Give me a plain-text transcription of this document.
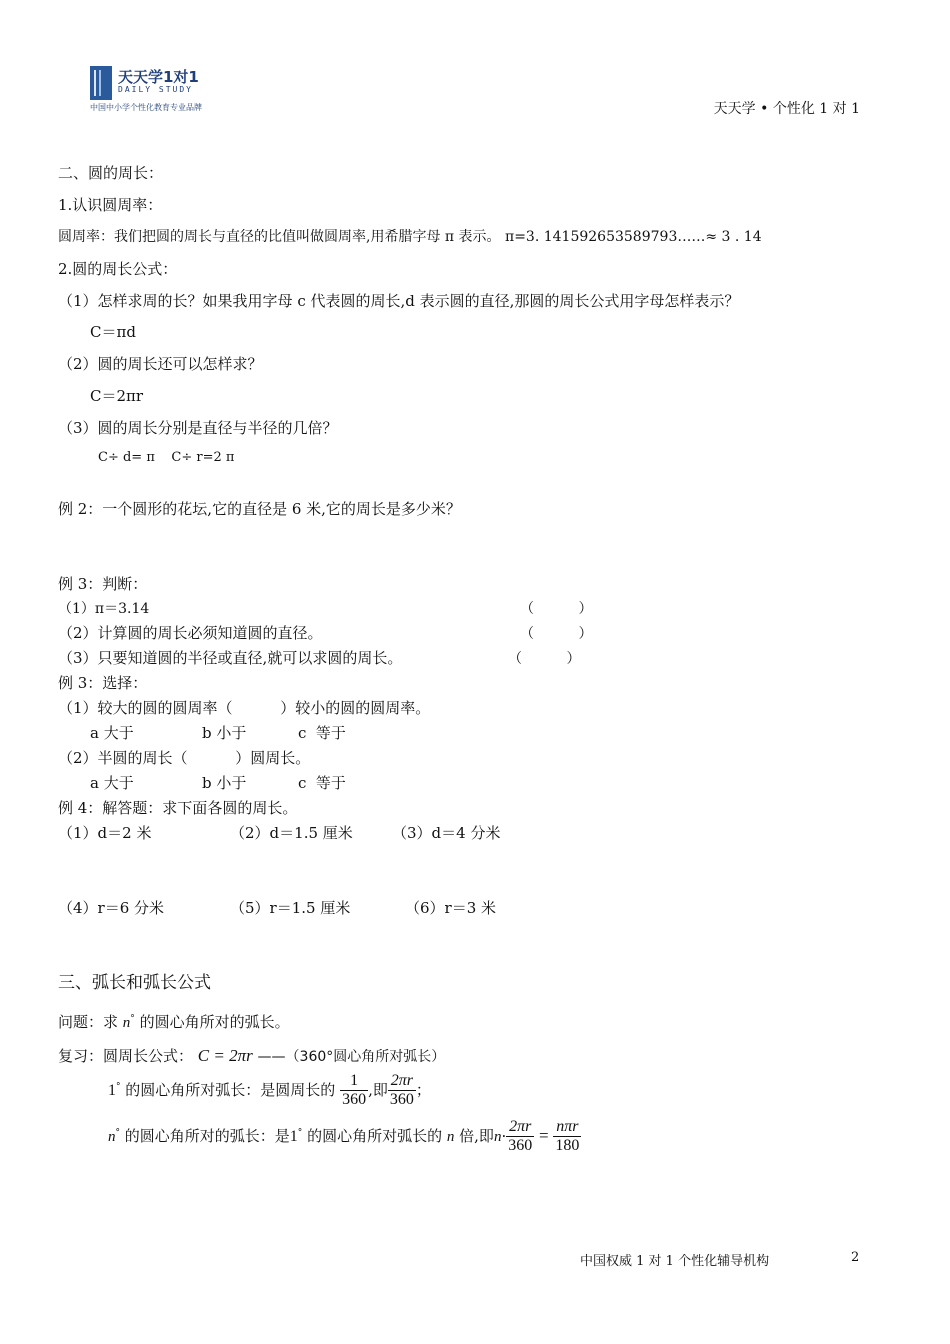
天天学1对1
DAILY STUDY
中国中小学个性化教育专业品牌	天天学 • 个性化 1 对 1
二、圆的周长：
1.认识圆周率：
圆周率：我们把圆的周长与直径的比值叫做圆周率,用希腊字母 π 表示。 π=3. 141592653589793……≈ 3 . 14
2.圆的周长公式：
（1）怎样求周的长？如果我用字母 c 代表圆的周长,d 表示圆的直径,那圆的周长公式用字母怎样表示？
C＝πd
（2）圆的周长还可以怎样求？
C＝2πr
（3）圆的周长分别是直径与半径的几倍？
C÷ d= π    C÷ r=2 π
例 2：一个圆形的花坛,它的直径是 6 米,它的周长是多少米？
例 3：判断：
（1）π＝3.14	（          ）
（2）计算圆的周长必须知道圆的直径。	（          ）
（3）只要知道圆的半径或直径,就可以求圆的周长。	（          ）
例 3：选择：
（1）较大的圆的圆周率（          ）较小的圆的圆周率。
a 大于	b 小于	c  等于
（2）半圆的周长（          ）圆周长。
a 大于	b 小于	c  等于
例 4：解答题：求下面各圆的周长。
（1）d＝2 米	（2）d＝1.5 厘米	（3）d＝4 分米
（4）r＝6 分米	（5）r＝1.5 厘米	（6）r＝3 米
三、弧长和弧长公式
问题：求 n° 的圆心角所对的弧长。
复习：圆周长公式： C = 2πr ——（360°圆心角所对弧长）
1° 的圆心角所对弧长：是圆周长的 $\frac{1}{360}$ ,即 $\frac{2\pi r}{360}$ ；
n° 的圆心角所对的弧长：是1° 的圆心角所对弧长的 n 倍,即$n\cdot \frac{2\pi r}{360} = \frac{\text{nπr}}{180}$
中国权威 1 对 1 个性化辅导机构	2
